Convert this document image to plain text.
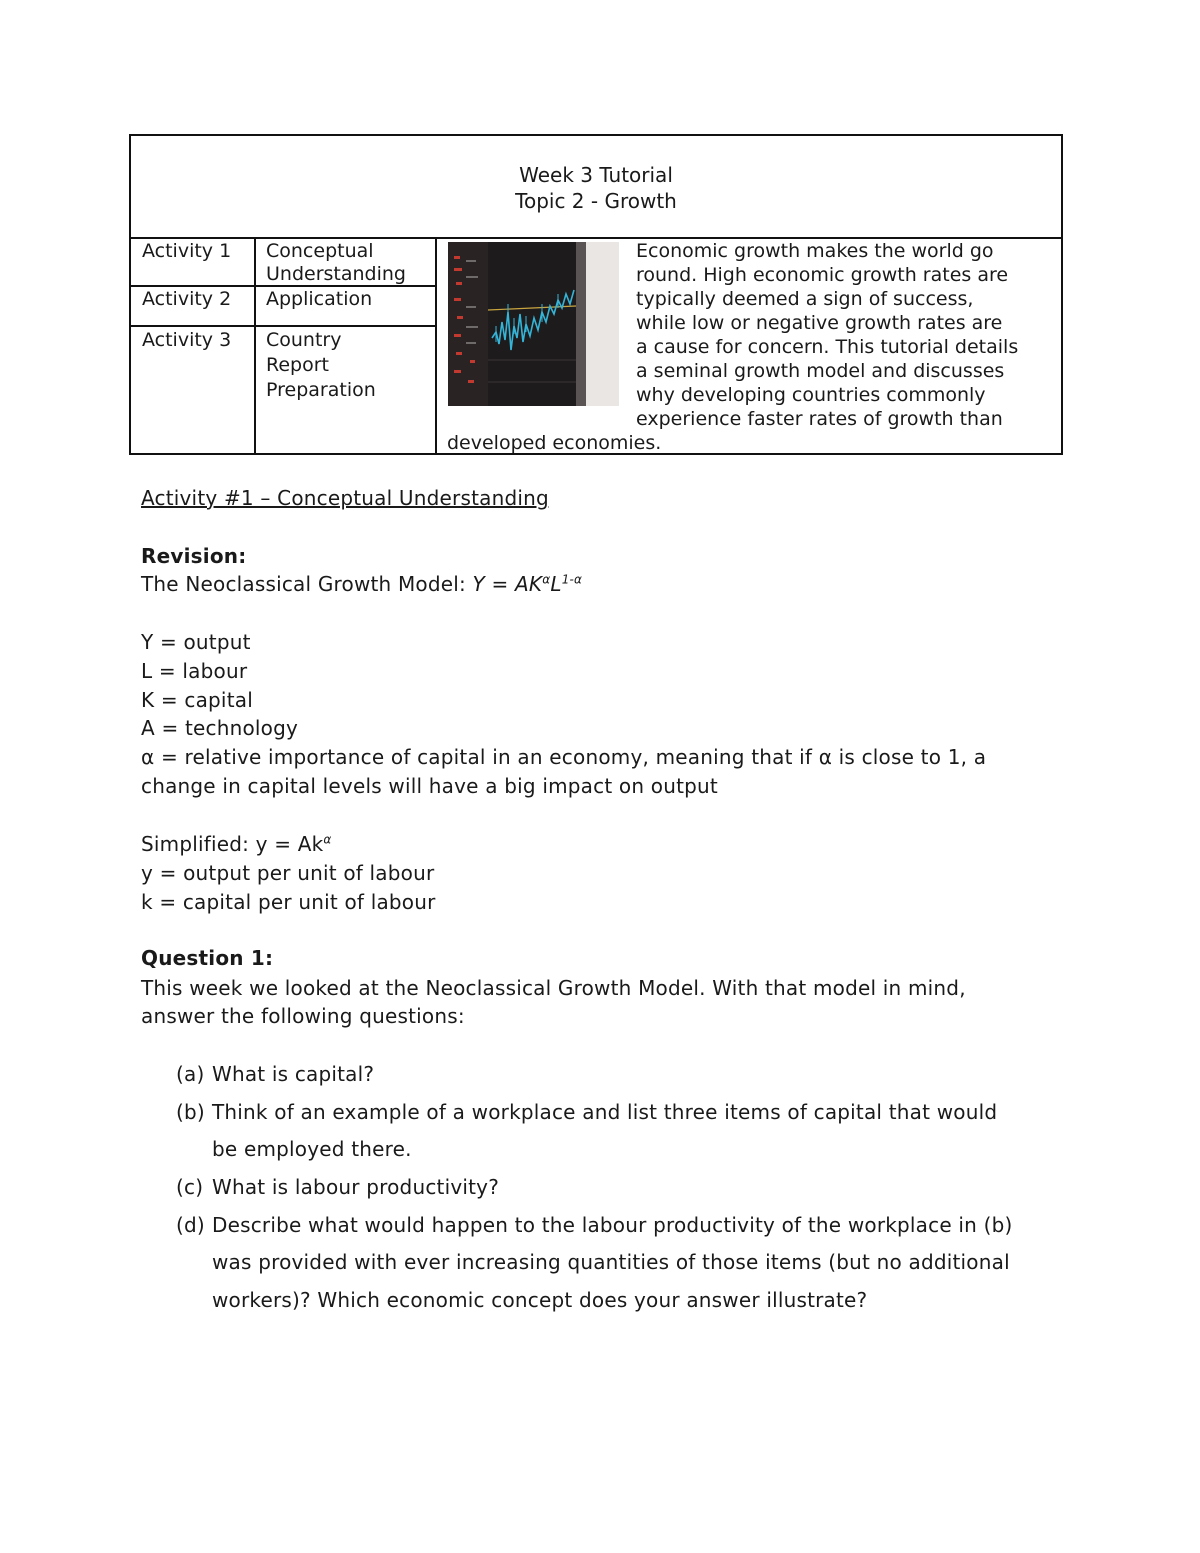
Week 3 Tutorial
Topic 2 - Growth
Activity 1 Conceptual
Understanding
Activity 2 Application
Activity 3 Country
Report
Preparation
Economic growth makes the world go
round. High economic growth rates are
typically deemed a sign of success,
while low or negative growth rates are
a cause for concern. This tutorial details
a seminal growth model and discusses
why developing countries commonly
experience faster rates of growth than
developed economies.
Activity #1 – Conceptual Understanding
Revision:
The Neoclassical Growth Model: $Y = AK^\alpha L^{1-\alpha}$
Y = output
L = labour
K = capital
A = technology
α = relative importance of capital in an economy, meaning that if α is close to 1, a
change in capital levels will have a big impact on output
Simplified: $y = Ak^\alpha$
y = output per unit of labour
k = capital per unit of labour
Question 1:
This week we looked at the Neoclassical Growth Model. With that model in mind,
answer the following questions:
(a) What is capital?
(b) Think of an example of a workplace and list three items of capital that would
be employed there.
(c) What is labour productivity?
(d) Describe what would happen to the labour productivity of the workplace in (b)
was provided with ever increasing quantities of those items (but no additional
workers)? Which economic concept does your answer illustrate?
